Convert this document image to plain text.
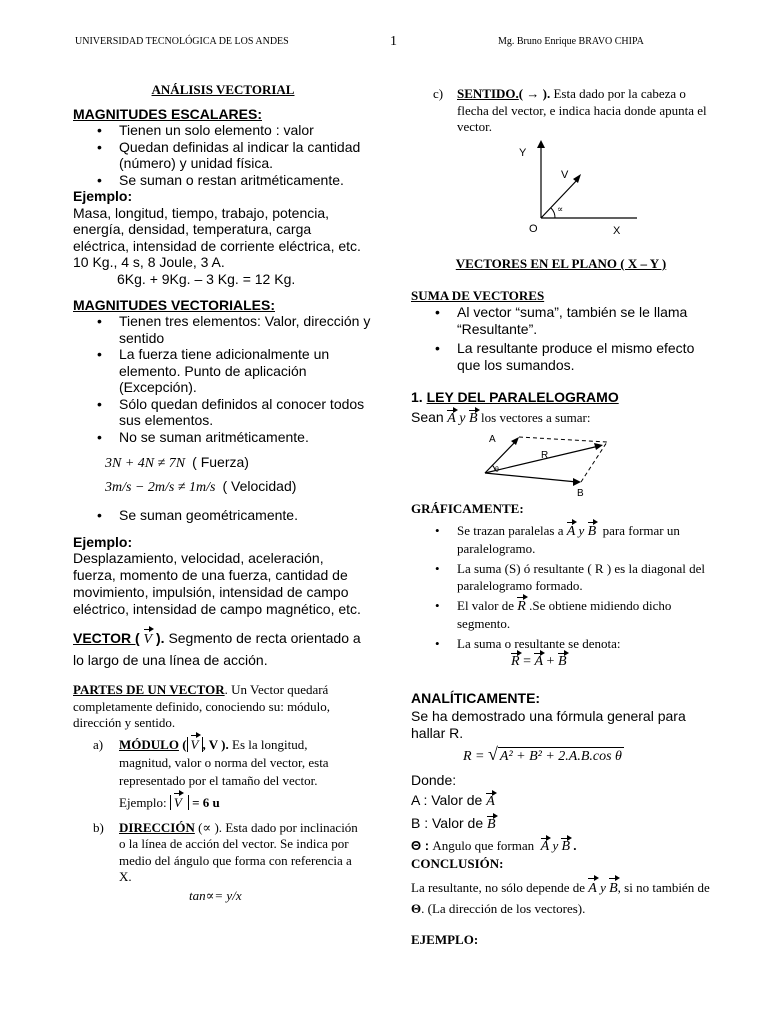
UNIVERSIDAD TECNOLÓGICA DE LOS ANDES	1	Mg. Bruno Enrique BRAVO CHIPA
ANÁLISIS VECTORIAL
MAGNITUDES ESCALARES:
• Tienen un solo elemento : valor
• Quedan definidas al indicar la cantidad (número) y unidad física.
• Se suman o restan aritméticamente.
Ejemplo:
Masa, longitud, tiempo, trabajo, potencia, energía, densidad, temperatura, carga eléctrica, intensidad de corriente eléctrica, etc. 10 Kg., 4 s, 8 Joule, 3 A.
6Kg. + 9Kg. – 3 Kg. = 12 Kg.
MAGNITUDES VECTORIALES:
• Tienen tres elementos: Valor, dirección y sentido
• La fuerza tiene adicionalmente un elemento. Punto de aplicación (Excepción).
• Sólo quedan definidos al conocer todos sus elementos.
• No se suman aritméticamente.
3N + 4N ≠ 7N ( Fuerza)
3m/s − 2m/s ≠ 1m/s ( Velocidad)
• Se suman geométricamente.
Ejemplo:
Desplazamiento, velocidad, aceleración, fuerza, momento de una fuerza, cantidad de movimiento, impulsión, intensidad de campo eléctrico, intensidad de campo magnético, etc.
VECTOR ( V ). Segmento de recta orientado a lo largo de una línea de acción.
PARTES DE UN VECTOR. Un Vector quedará completamente definido, conociendo su: módulo, dirección y sentido.
a) MÓDULO ( V , V ). Es la longitud, magnitud, valor o norma del vector, esta representado por el tamaño del vector.
Ejemplo: V = 6 u
b) DIRECCIÓN (∝ ). Esta dado por inclinación o la línea de acción del vector. Se indica por medio del ángulo que forma con referencia a X.
tan∝= y/x
c) SENTIDO.( → ). Esta dado por la cabeza o flecha del vector, e indica hacia donde apunta el vector.
Y
X
O
V
∝
VECTORES EN EL PLANO ( X – Y )
SUMA DE VECTORES
• Al vector “suma”, también se le llama “Resultante”.
• La resultante produce el mismo efecto que los sumandos.
1. LEY DEL PARALELOGRAMO
Sean A y B los vectores a sumar:
A
R
B
θ
GRÁFICAMENTE:
• Se trazan paralelas a A y B para formar un paralelogramo.
• La suma (S) ó resultante ( R ) es la diagonal del paralelogramo formado.
• El valor de R .Se obtiene midiendo dicho segmento.
• La suma o resultante se denota:
R = A + B
ANALÍTICAMENTE:
Se ha demostrado una fórmula general para hallar R.
R = √ A² + B² + 2.A.B.cos θ
Donde:
A : Valor de A
B : Valor de B
Θ : Angulo que forman A y B .
CONCLUSIÓN:
La resultante, no sólo depende de A y B, si no también de Θ. (La dirección de los vectores).
EJEMPLO:
